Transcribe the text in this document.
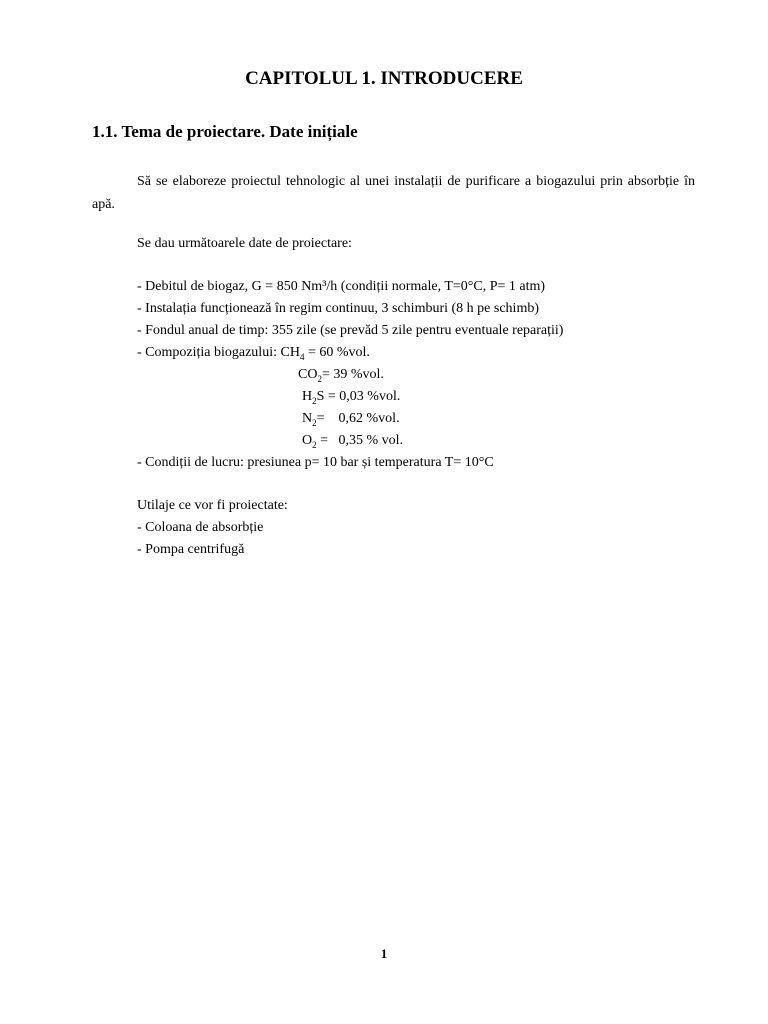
CAPITOLUL 1. INTRODUCERE
1.1. Tema de proiectare. Date inițiale
Să se elaboreze proiectul tehnologic al unei instalații de purificare a biogazului prin absorbție în apă.
Se dau următoarele date de proiectare:
- Debitul de biogaz, G = 850 Nm³/h (condiții normale, T=0°C, P= 1 atm)
- Instalația funcționează în regim continuu, 3 schimburi (8 h pe schimb)
- Fondul anual de timp: 355 zile (se prevăd 5 zile pentru eventuale reparații)
- Compoziția biogazului: $CH_4 = 60$ %vol.
$CO_2= 39$ %vol.
$H_2S = 0,03$ %vol.
$N_2=$    0,62 %vol.
$O_2 = 0,35$ % vol.
- Condiții de lucru: presiunea p= 10 bar și temperatura T= 10°C
Utilaje ce vor fi proiectate:
- Coloana de absorbție
- Pompa centrifugă
1
